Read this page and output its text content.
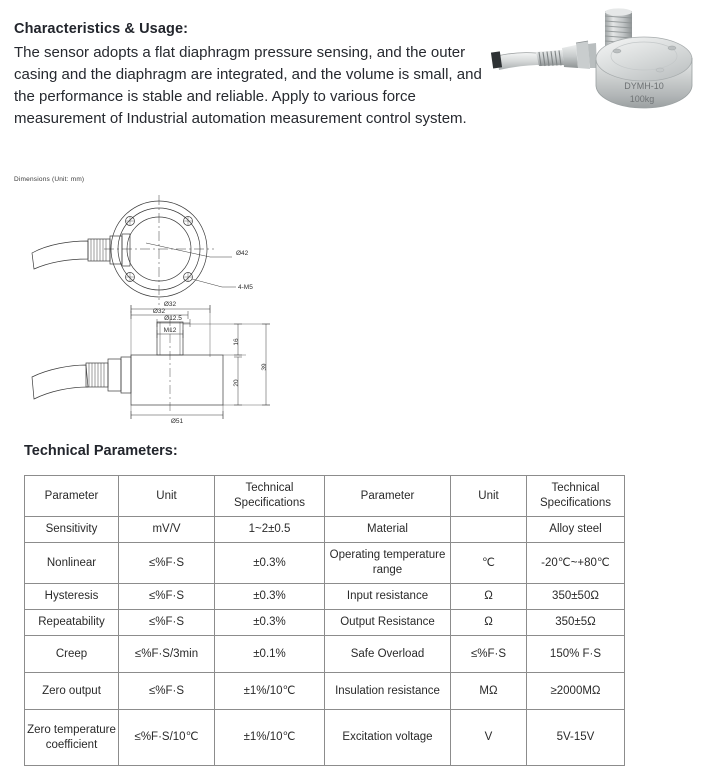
Characteristics & Usage:

The sensor adopts a flat diaphragm pressure sensing, and the outer casing and the diaphragm are integrated, and the volume is small, and the performance is stable and reliable. Apply to various force measurement of Industrial automation measurement control system.

DYMH-10
100kg

Dimensions (Unit: mm)

Ø42
4-M5
Ø32
Ø32
Ø12.5
M12
Ø51
16
20
39

Technical Parameters:

Parameter	Unit	Technical Specifications	Parameter	Unit	Technical Specifications
Sensitivity	mV/V	1~2±0.5	Material		Alloy steel
Nonlinear	≤%F·S	±0.3%	Operating temperature range	℃	-20℃~+80℃
Hysteresis	≤%F·S	±0.3%	Input resistance	Ω	350±50Ω
Repeatability	≤%F·S	±0.3%	Output Resistance	Ω	350±5Ω
Creep	≤%F·S/3min	±0.1%	Safe Overload	≤%F·S	150% F·S
Zero output	≤%F·S	±1%/10℃	Insulation resistance	MΩ	≥2000MΩ
Zero temperature coefficient	≤%F·S/10℃	±1%/10℃	Excitation voltage	V	5V-15V
